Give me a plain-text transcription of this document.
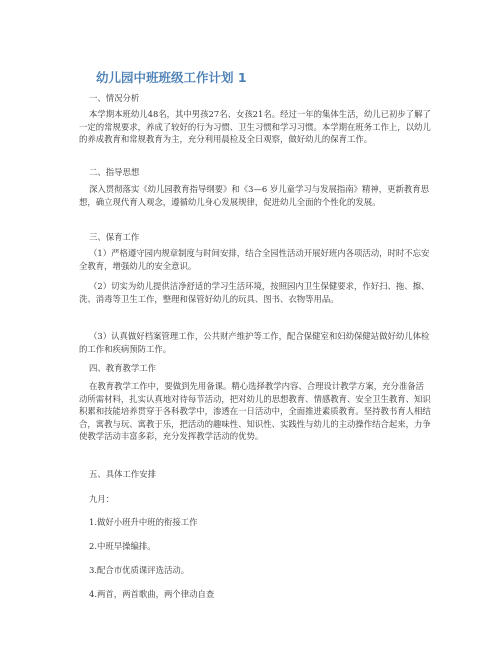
幼儿园中班班级工作计划 1
一、情况分析

本学期本班幼儿48名，其中男孩27名、女孩21名。经过一年的集体生活，幼儿已初步了解了一定的常规要求，养成了较好的行为习惯、卫生习惯和学习习惯。本学期在班务工作上，以幼儿的养成教育和常规教育为主，充分利用晨检及全日观察，做好幼儿的保育工作。

二、指导思想

深入贯彻落实《幼儿园教育指导纲要》和《3—6 岁儿童学习与发展指南》精神，更新教育思想，确立现代育人观念，遵循幼儿身心发展规律，促进幼儿全面的个性化的发展。

三、保育工作

（1）严格遵守园内规章制度与时间安排，结合全园性活动开展好班内各项活动，时时不忘安全教育，增强幼儿的安全意识。

（2）切实为幼儿提供洁净舒适的学习生活环境，按照园内卫生保健要求，作好扫、拖、擦、洗、消毒等卫生工作，整理和保管好幼儿的玩具、图书、衣物等用品。

（3）认真做好档案管理工作，公共财产维护等工作，配合保健室和妇幼保健站做好幼儿体检的工作和疾病预防工作。

四、教育教学工作

在教育教学工作中，要做到先用备课。精心选择教学内容、合理设计教学方案，充分准备活动所需材料，扎实认真地对待每节活动，把对幼儿的思想教育、情感教育、安全卫生教育、知识积累和技能培养贯穿于各科教学中，渗透在一日活动中，全面推进素质教育。坚持教书育人相结合，寓教与玩、寓教于乐，把活动的趣味性、知识性、实践性与幼儿的主动操作结合起来，力争使教学活动丰富多彩，充分发挥教学活动的优势。

五、具体工作安排
九月：
1.做好小班升中班的衔接工作
2.中班早操编排。
3.配合市优质课评选活动。
4.两首，两首歌曲，两个律动自查
